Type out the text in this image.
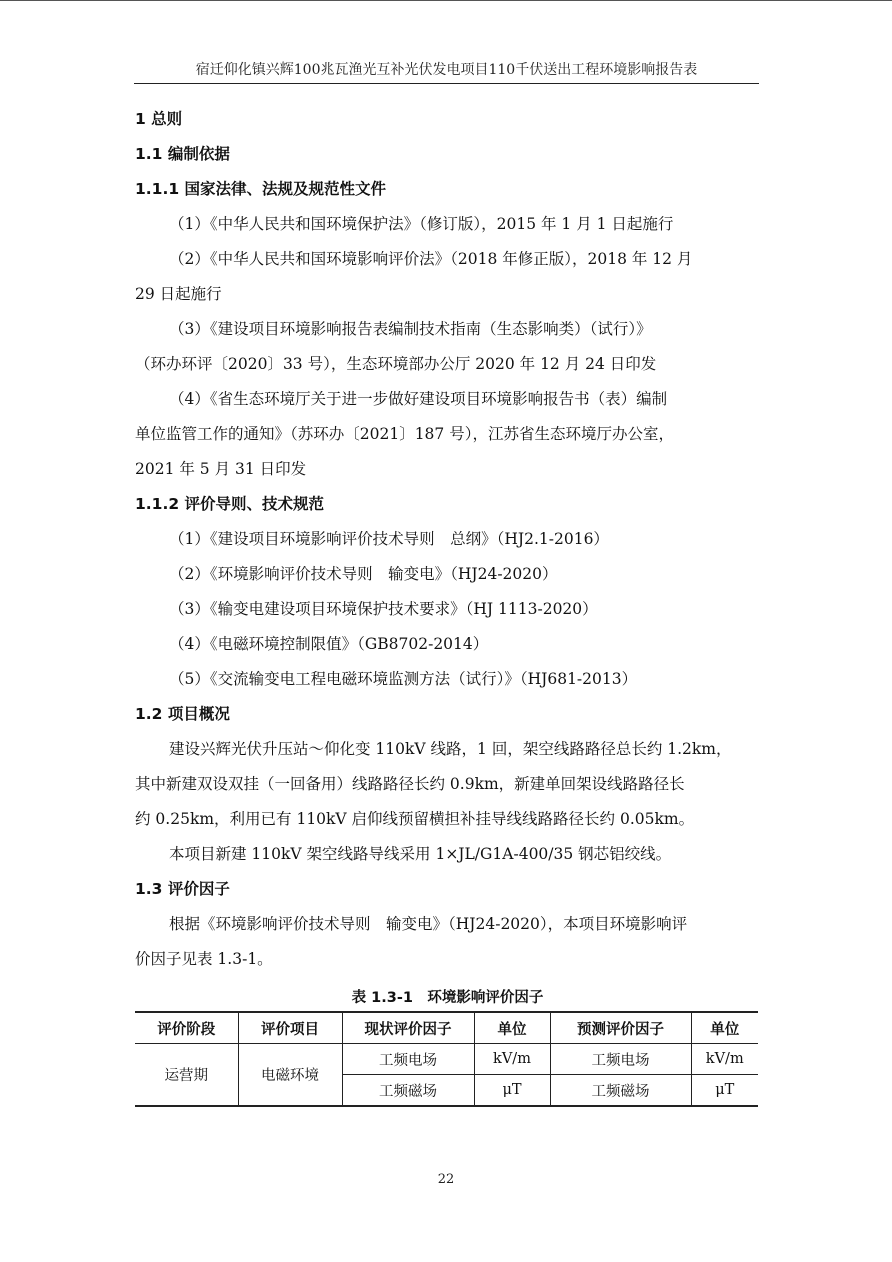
宿迁仰化镇兴辉100兆瓦渔光互补光伏发电项目110千伏送出工程环境影响报告表
1 总则
1.1 编制依据
1.1.1 国家法律、法规及规范性文件
（1）《中华人民共和国环境保护法》（修订版），2015 年 1 月 1 日起施行
（2）《中华人民共和国环境影响评价法》（2018 年修正版），2018 年 12 月
29 日起施行
（3）《建设项目环境影响报告表编制技术指南（生态影响类）（试行）》
（环办环评〔2020〕33 号），生态环境部办公厅 2020 年 12 月 24 日印发
（4）《省生态环境厅关于进一步做好建设项目环境影响报告书（表）编制
单位监管工作的通知》（苏环办〔2021〕187 号），江苏省生态环境厅办公室，
2021 年 5 月 31 日印发
1.1.2 评价导则、技术规范
（1）《建设项目环境影响评价技术导则　总纲》（HJ2.1-2016）
（2）《环境影响评价技术导则　输变电》（HJ24-2020）
（3）《输变电建设项目环境保护技术要求》（HJ 1113-2020）
（4）《电磁环境控制限值》（GB8702-2014）
（5）《交流输变电工程电磁环境监测方法（试行）》（HJ681-2013）
1.2 项目概况
建设兴辉光伏升压站～仰化变 110kV 线路，1 回，架空线路路径总长约 1.2km，
其中新建双设双挂（一回备用）线路路径长约 0.9km，新建单回架设线路路径长
约 0.25km，利用已有 110kV 启仰线预留横担补挂导线线路路径长约 0.05km。
本项目新建 110kV 架空线路导线采用 1×JL/G1A-400/35 钢芯铝绞线。
1.3 评价因子
根据《环境影响评价技术导则　输变电》（HJ24-2020），本项目环境影响评
价因子见表 1.3-1。
表 1.3-1　环境影响评价因子
评价阶段	评价项目	现状评价因子	单位	预测评价因子	单位
运营期	电磁环境	工频电场	kV/m	工频电场	kV/m
		工频磁场	μT	工频磁场	μT
22
